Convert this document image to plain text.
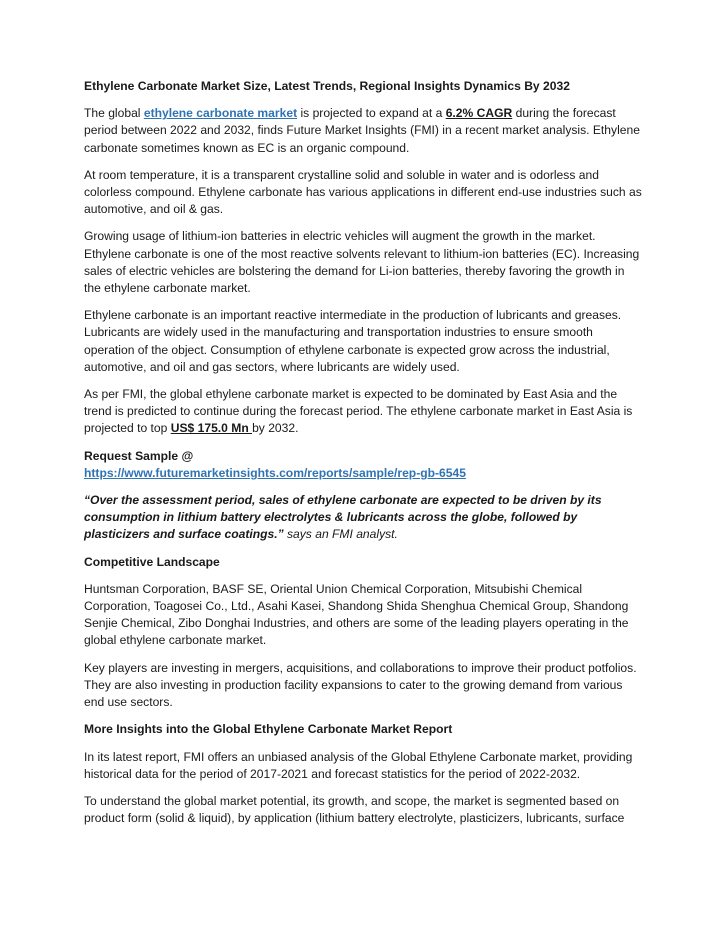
Ethylene Carbonate Market Size, Latest Trends, Regional Insights Dynamics By 2032

The global ethylene carbonate market is projected to expand at a 6.2% CAGR during the forecast period between 2022 and 2032, finds Future Market Insights (FMI) in a recent market analysis. Ethylene carbonate sometimes known as EC is an organic compound.

At room temperature, it is a transparent crystalline solid and soluble in water and is odorless and colorless compound. Ethylene carbonate has various applications in different end-use industries such as automotive, and oil & gas.

Growing usage of lithium-ion batteries in electric vehicles will augment the growth in the market. Ethylene carbonate is one of the most reactive solvents relevant to lithium-ion batteries (EC). Increasing sales of electric vehicles are bolstering the demand for Li-ion batteries, thereby favoring the growth in the ethylene carbonate market.

Ethylene carbonate is an important reactive intermediate in the production of lubricants and greases. Lubricants are widely used in the manufacturing and transportation industries to ensure smooth operation of the object. Consumption of ethylene carbonate is expected grow across the industrial, automotive, and oil and gas sectors, where lubricants are widely used.

As per FMI, the global ethylene carbonate market is expected to be dominated by East Asia and the trend is predicted to continue during the forecast period. The ethylene carbonate market in East Asia is projected to top US$ 175.0 Mn by 2032.

Request Sample @
https://www.futuremarketinsights.com/reports/sample/rep-gb-6545

“Over the assessment period, sales of ethylene carbonate are expected to be driven by its consumption in lithium battery electrolytes & lubricants across the globe, followed by plasticizers and surface coatings.” says an FMI analyst.

Competitive Landscape

Huntsman Corporation, BASF SE, Oriental Union Chemical Corporation, Mitsubishi Chemical Corporation, Toagosei Co., Ltd., Asahi Kasei, Shandong Shida Shenghua Chemical Group, Shandong Senjie Chemical, Zibo Donghai Industries, and others are some of the leading players operating in the global ethylene carbonate market.

Key players are investing in mergers, acquisitions, and collaborations to improve their product potfolios. They are also investing in production facility expansions to cater to the growing demand from various end use sectors.

More Insights into the Global Ethylene Carbonate Market Report

In its latest report, FMI offers an unbiased analysis of the Global Ethylene Carbonate market, providing historical data for the period of 2017-2021 and forecast statistics for the period of 2022-2032.

To understand the global market potential, its growth, and scope, the market is segmented based on product form (solid & liquid), by application (lithium battery electrolyte, plasticizers, lubricants, surface
